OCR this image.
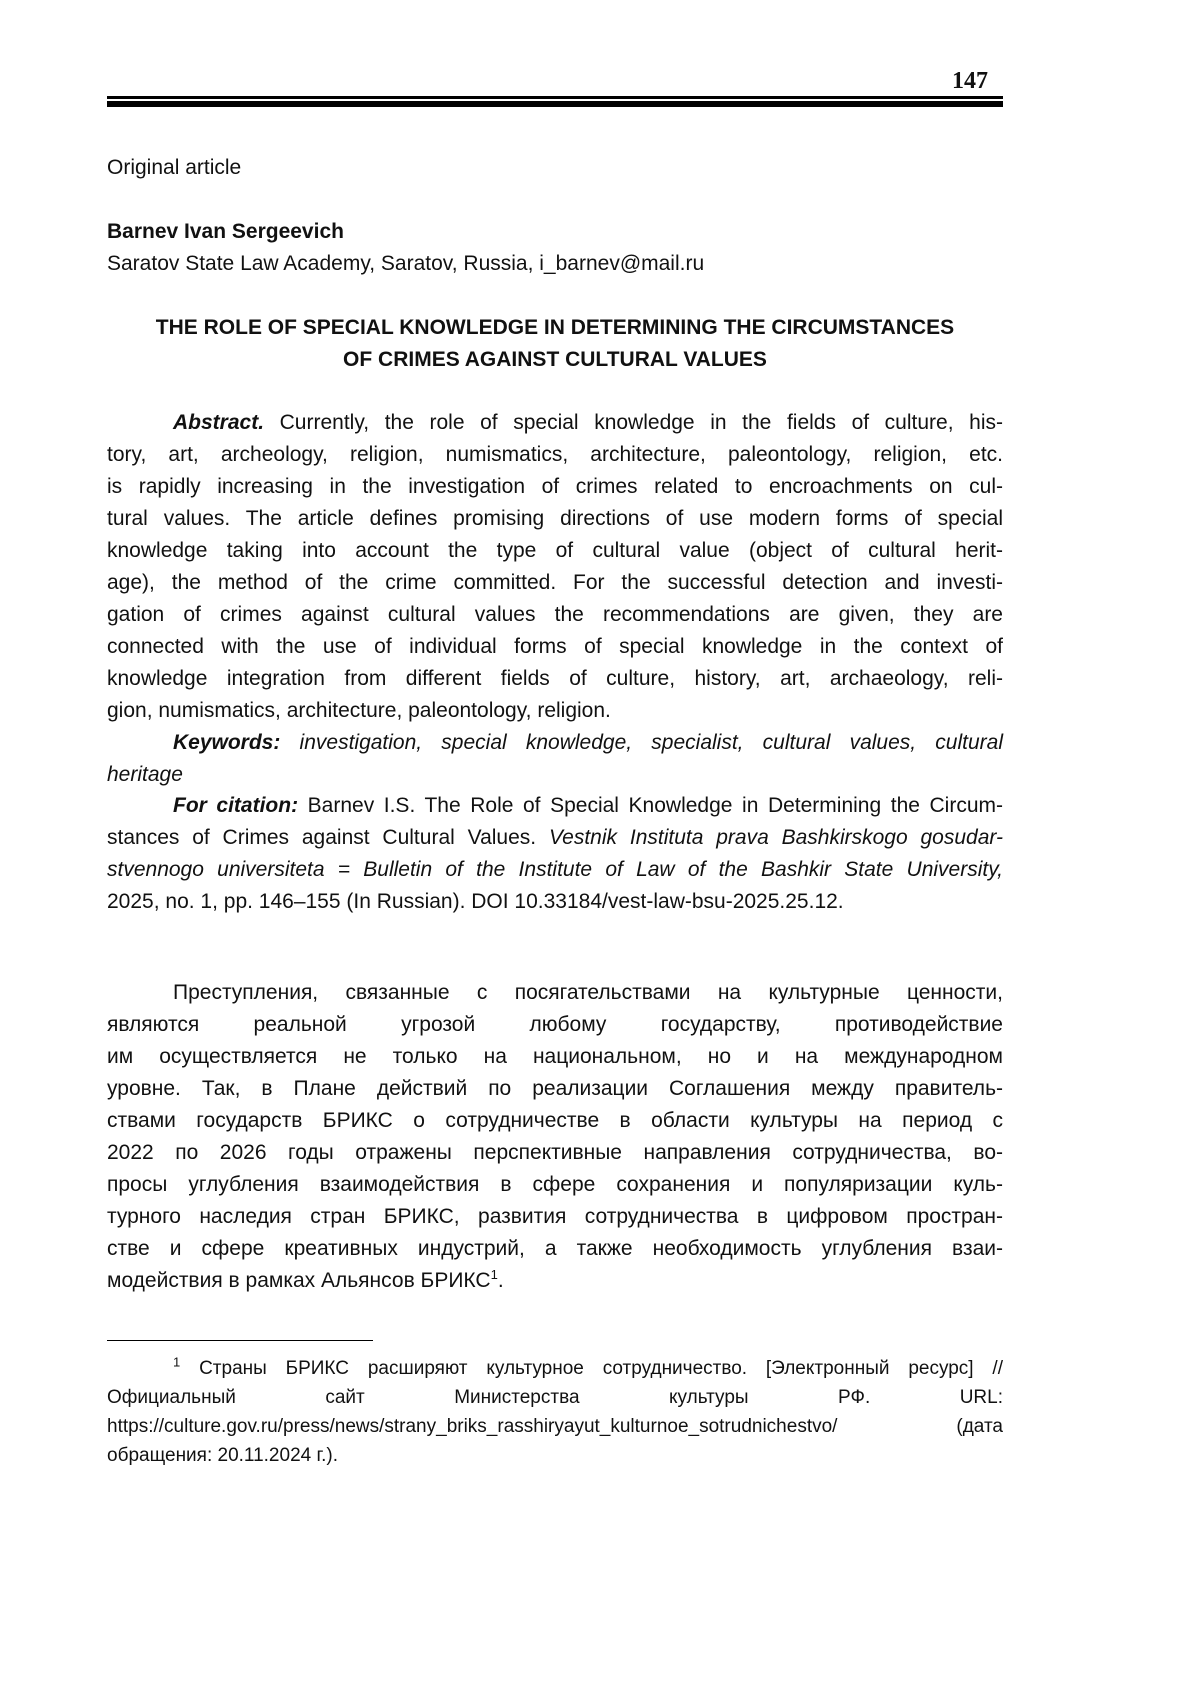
147
Original article
Barnev Ivan Sergeevich
Saratov State Law Academy, Saratov, Russia, i_barnev@mail.ru
THE ROLE OF SPECIAL KNOWLEDGE IN DETERMINING THE CIRCUMSTANCES
OF CRIMES AGAINST CULTURAL VALUES
Abstract. Currently, the role of special knowledge in the fields of culture, his-
tory, art, archeology, religion, numismatics, architecture, paleontology, religion, etc.
is rapidly increasing in the investigation of crimes related to encroachments on cul-
tural values. The article defines promising directions of use modern forms of special
knowledge taking into account the type of cultural value (object of cultural herit-
age), the method of the crime committed. For the successful detection and investi-
gation of crimes against cultural values the recommendations are given, they are
connected with the use of individual forms of special knowledge in the context of
knowledge integration from different fields of culture, history, art, archaeology, reli-
gion, numismatics, architecture, paleontology, religion.
Keywords: investigation, special knowledge, specialist, cultural values, cultural
heritage
For citation: Barnev I.S. The Role of Special Knowledge in Determining the Circum-
stances of Crimes against Cultural Values. Vestnik Instituta prava Bashkirskogo gosudar-
stvennogo universiteta = Bulletin of the Institute of Law of the Bashkir State University,
2025, no. 1, pp. 146–155 (In Russian). DOI 10.33184/vest-law-bsu-2025.25.12.
Преступления, связанные с посягательствами на культурные ценности,
являются реальной угрозой любому государству, противодействие
им осуществляется не только на национальном, но и на международном
уровне. Так, в Плане действий по реализации Соглашения между правитель-
ствами государств БРИКС о сотрудничестве в области культуры на период с
2022 по 2026 годы отражены перспективные направления сотрудничества, во-
просы углубления взаимодействия в сфере сохранения и популяризации куль-
турного наследия стран БРИКС, развития сотрудничества в цифровом простран-
стве и сфере креативных индустрий, а также необходимость углубления взаи-
модействия в рамках Альянсов БРИКС$^1$.
$^1$ Страны БРИКС расширяют культурное сотрудничество. [Электронный ресурс] //
Официальный сайт Министерства культуры РФ. URL:
https://culture.gov.ru/press/news/strany_briks_rasshiryayut_kulturnoe_sotrudnichestvo/ (дата
обращения: 20.11.2024 г.).
